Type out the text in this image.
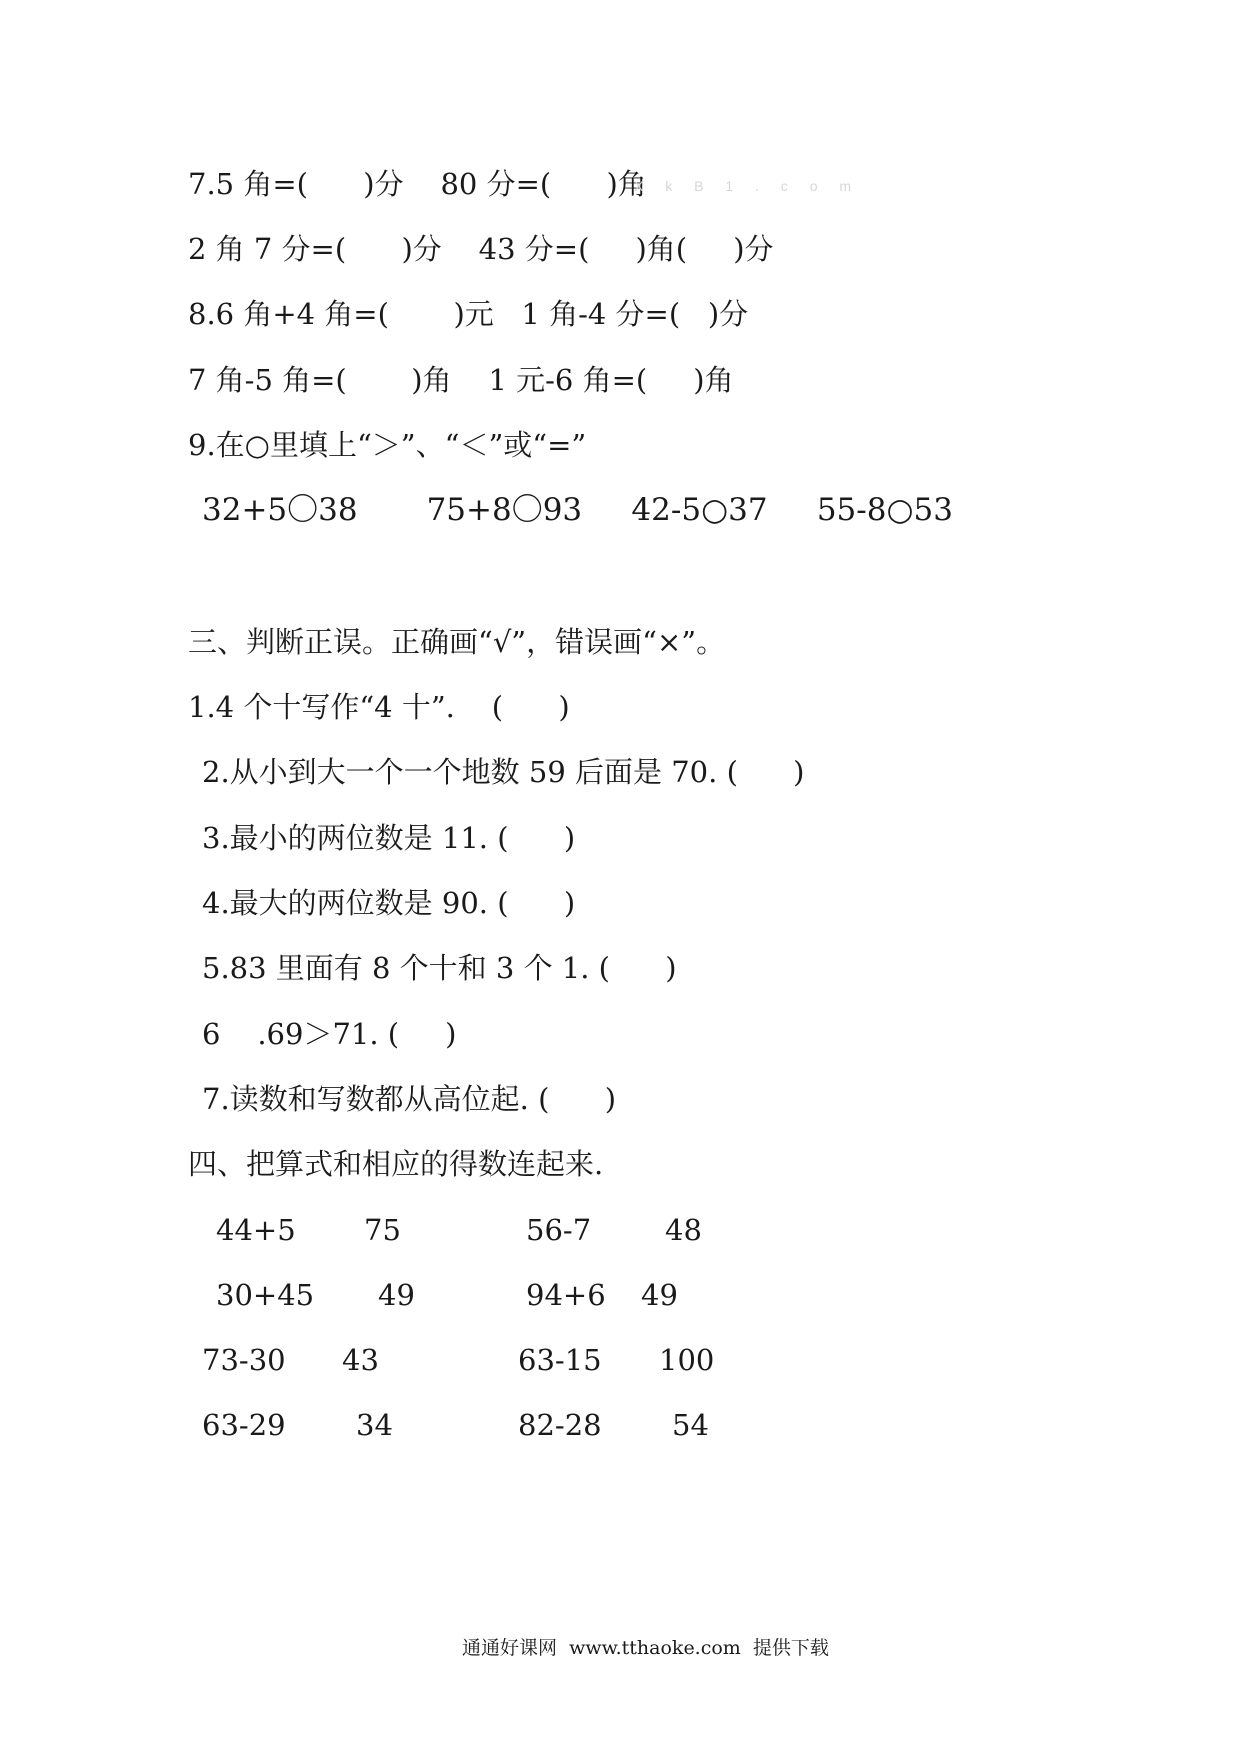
7.5 角=(      )分    80 分=(      )角
X k B 1 . c o m
2 角 7 分=(      )分    43 分=(     )角(     )分
8.6 角+4 角=(       )元   1 角-4 分=(   )分
7 角-5 角=(       )角    1 元-6 角=(     )角
9.在○里填上“＞”、“＜”或“=”
32+5〇38       75+8〇93     42-5○37     55-8○53
三、判断正误。正确画“√”，错误画“×”。
1.4 个十写作“4 十”.    (      )
2.从小到大一个一个地数 59 后面是 70. (      )
3.最小的两位数是 11. (      )
4.最大的两位数是 90. (      )
5.83 里面有 8 个十和 3 个 1. (      )
6    .69＞71. (     )
7.读数和写数都从高位起. (      )
四、把算式和相应的得数连起来.
44+5 75	56-7	48
30+45 49	94+6 49
73-30 43	63-15 100
63-29 34	82-28 54
通通好课网  www.tthaoke.com  提供下载
